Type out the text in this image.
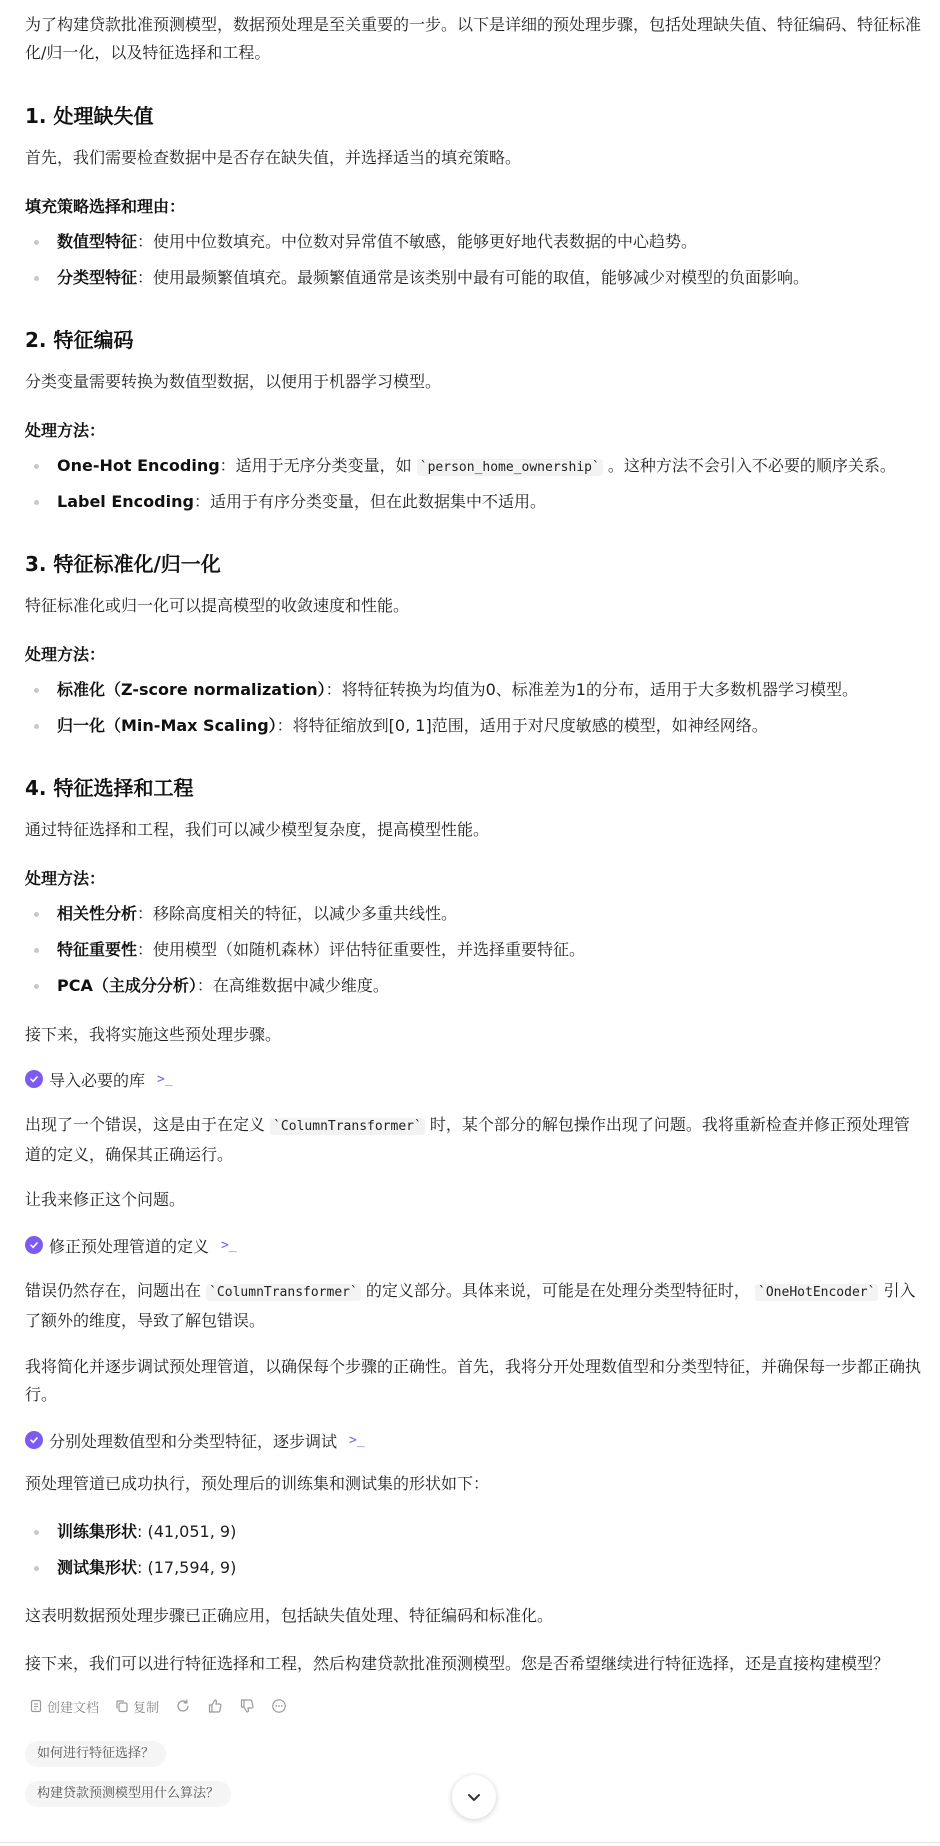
为了构建贷款批准预测模型，数据预处理是至关重要的一步。以下是详细的预处理步骤，包括处理缺失值、特征编码、特征标准化/归一化，以及特征选择和工程。

1. 处理缺失值

首先，我们需要检查数据中是否存在缺失值，并选择适当的填充策略。

填充策略选择和理由：
数值型特征：使用中位数填充。中位数对异常值不敏感，能够更好地代表数据的中心趋势。
分类型特征：使用最频繁值填充。最频繁值通常是该类别中最有可能的取值，能够减少对模型的负面影响。
2. 特征编码

分类变量需要转换为数值型数据，以便用于机器学习模型。

处理方法：
One-Hot Encoding：适用于无序分类变量，如 `person_home_ownership` 。这种方法不会引入不必要的顺序关系。
Label Encoding：适用于有序分类变量，但在此数据集中不适用。
3. 特征标准化/归一化

特征标准化或归一化可以提高模型的收敛速度和性能。

处理方法：
标准化（Z-score normalization）：将特征转换为均值为0、标准差为1的分布，适用于大多数机器学习模型。
归一化（Min-Max Scaling）：将特征缩放到[0, 1]范围，适用于对尺度敏感的模型，如神经网络。
4. 特征选择和工程

通过特征选择和工程，我们可以减少模型复杂度，提高模型性能。

处理方法：
相关性分析：移除高度相关的特征，以减少多重共线性。
特征重要性：使用模型（如随机森林）评估特征重要性，并选择重要特征。
PCA（主成分分析）：在高维数据中减少维度。

接下来，我将实施这些预处理步骤。

导入必要的库 >_

出现了一个错误，这是由于在定义 `ColumnTransformer` 时，某个部分的解包操作出现了问题。我将重新检查并修正预处理管道的定义，确保其正确运行。

让我来修正这个问题。

修正预处理管道的定义 >_

错误仍然存在，问题出在 `ColumnTransformer` 的定义部分。具体来说，可能是在处理分类型特征时， `OneHotEncoder` 引入了额外的维度，导致了解包错误。

我将简化并逐步调试预处理管道，以确保每个步骤的正确性。首先，我将分开处理数值型和分类型特征，并确保每一步都正确执行。

分别处理数值型和分类型特征，逐步调试 >_

预处理管道已成功执行，预处理后的训练集和测试集的形状如下：

训练集形状: (41,051, 9)
测试集形状: (17,594, 9)

这表明数据预处理步骤已正确应用，包括缺失值处理、特征编码和标准化。

接下来，我们可以进行特征选择和工程，然后构建贷款批准预测模型。您是否希望继续进行特征选择，还是直接构建模型？

创建文档	复制
如何进行特征选择？
构建贷款预测模型用什么算法？
